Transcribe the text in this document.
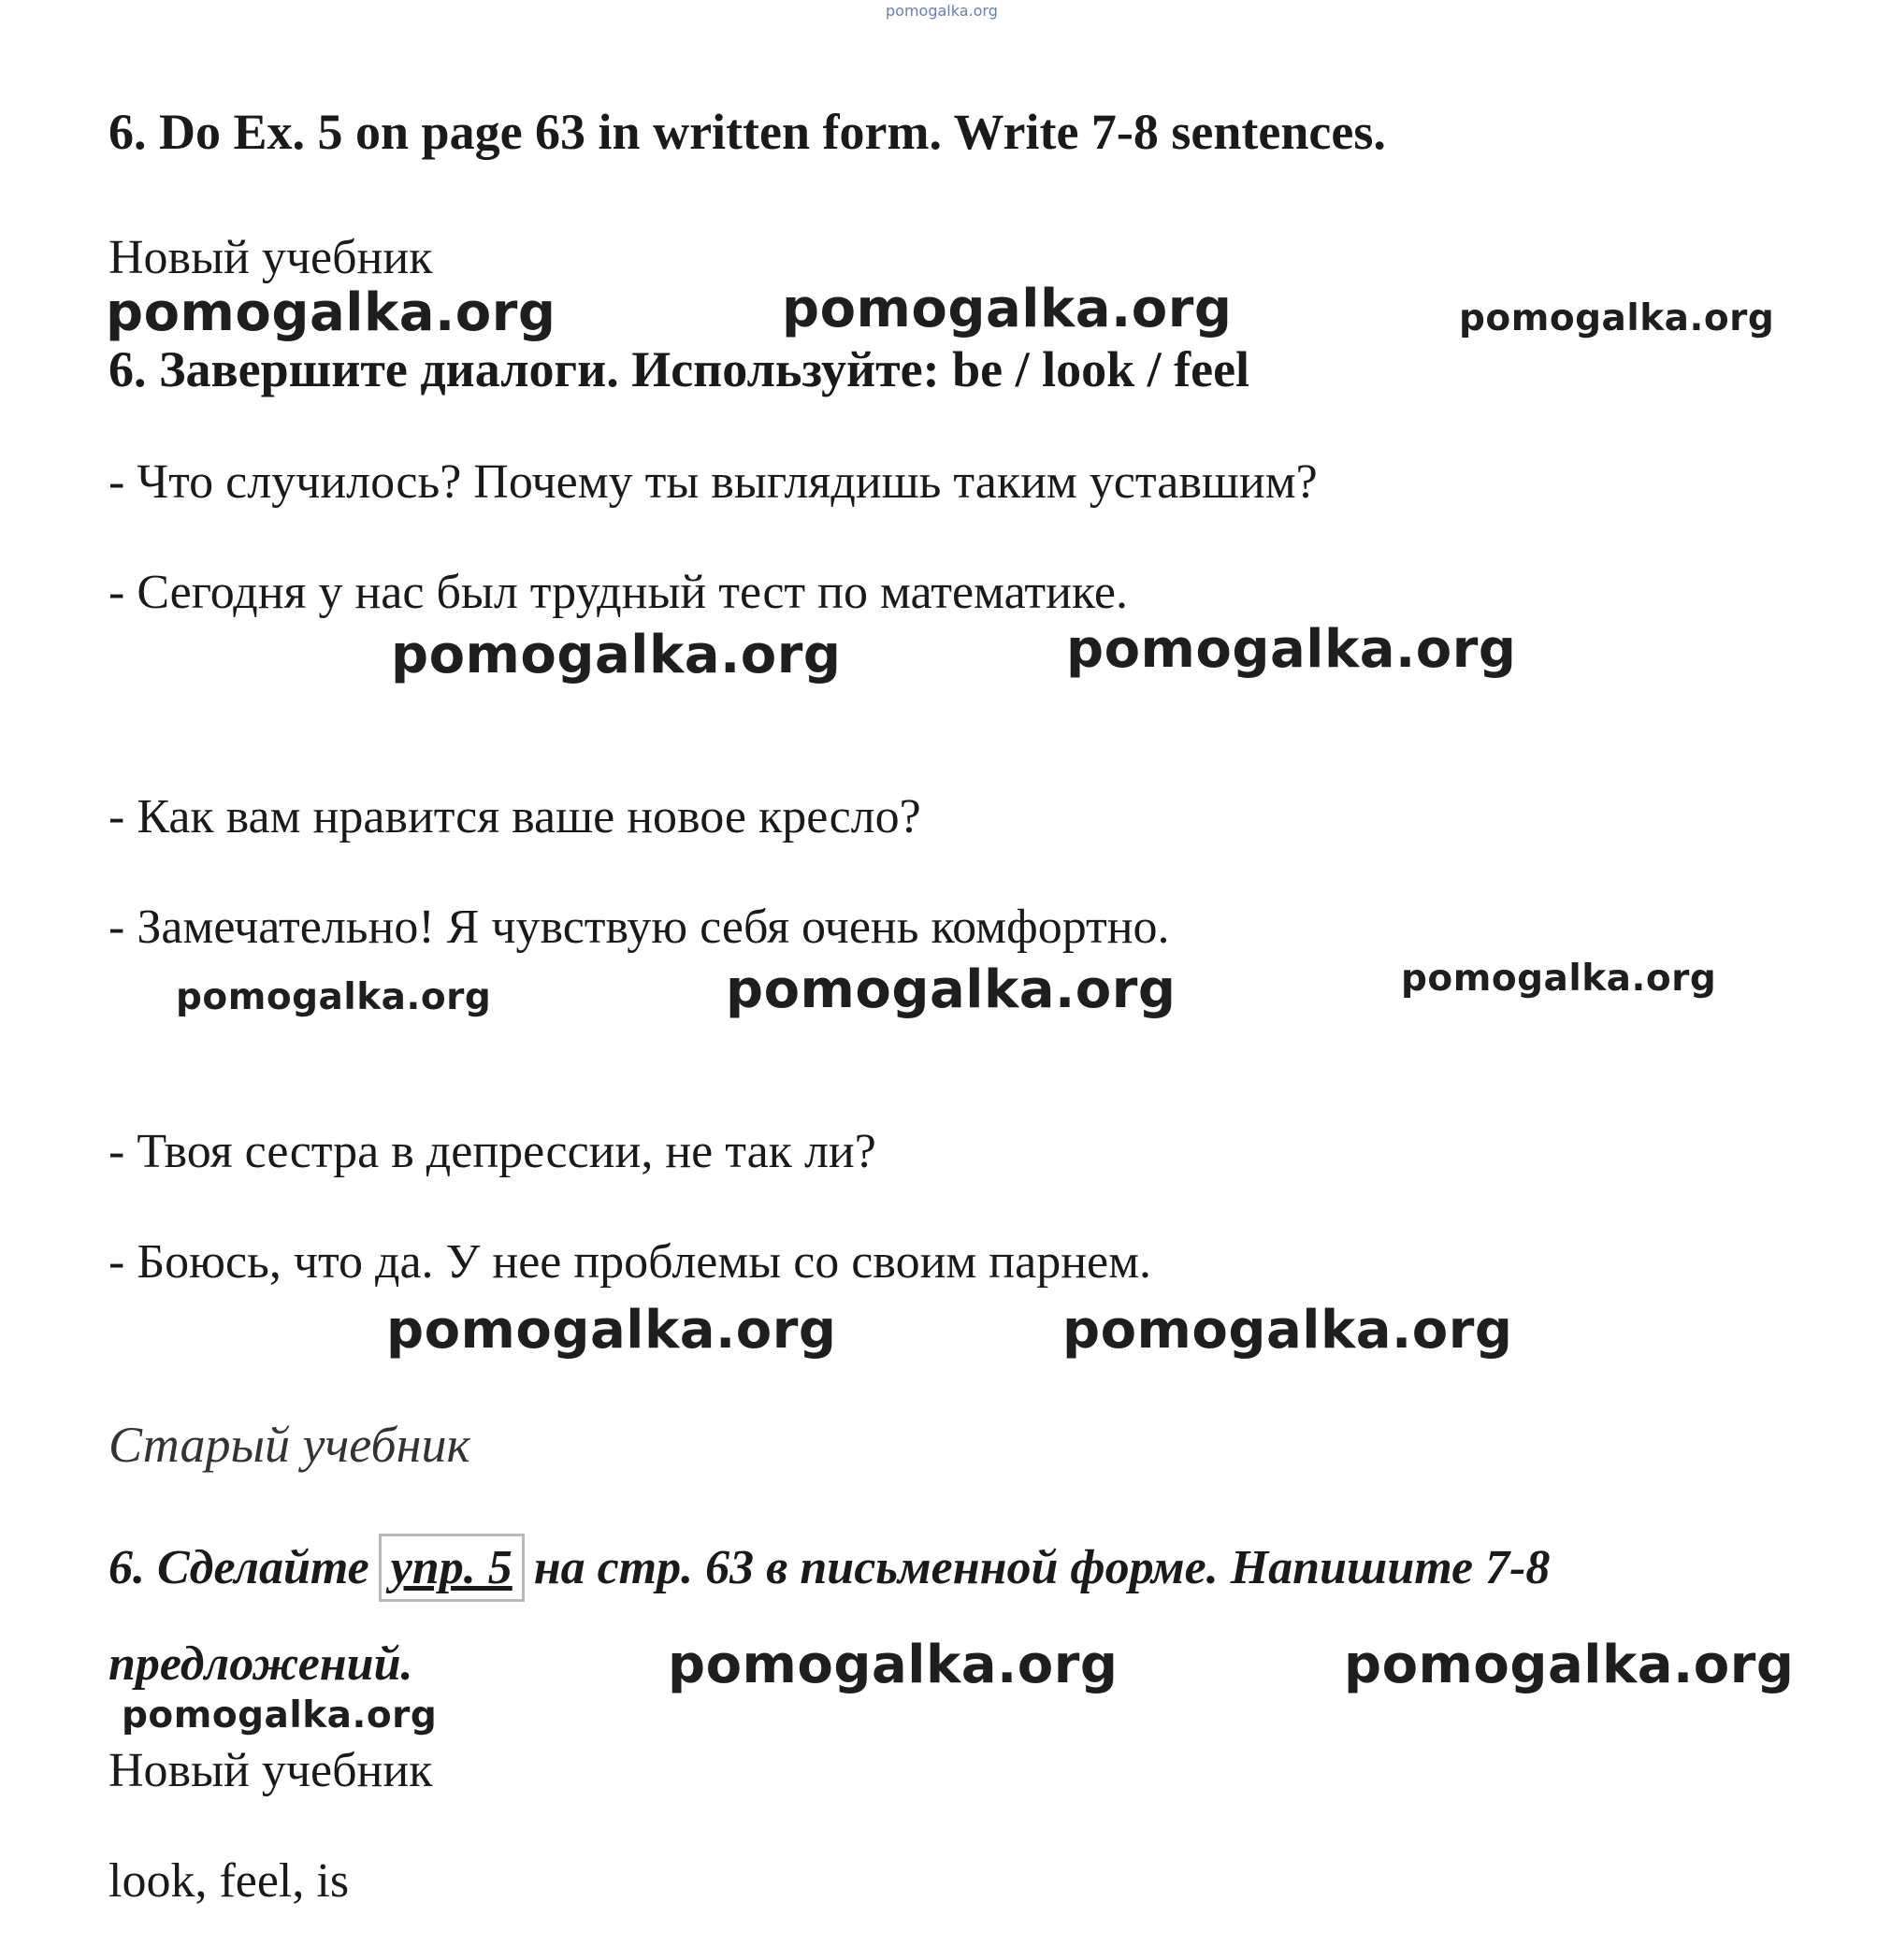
pomogalka.org
6. Do Ex. 5 on page 63 in written form. Write 7-8 sentences.
Новый учебник
pomogalka.org	pomogalka.org	pomogalka.org
6. Завершите диалоги. Используйте: be / look / feel
- Что случилось? Почему ты выглядишь таким уставшим?
- Сегодня у нас был трудный тест по математике.
pomogalka.org	pomogalka.org
- Как вам нравится ваше новое кресло?
- Замечательно! Я чувствую себя очень комфортно.
pomogalka.org	pomogalka.org	pomogalka.org
- Твоя сестра в депрессии, не так ли?
- Боюсь, что да. У нее проблемы со своим парнем.
pomogalka.org	pomogalka.org
Старый учебник
6. Сделайте упр. 5 на стр. 63 в письменной форме. Напишите 7-8
предложений.	pomogalka.org	pomogalka.org
pomogalka.org
Новый учебник
look, feel, is
